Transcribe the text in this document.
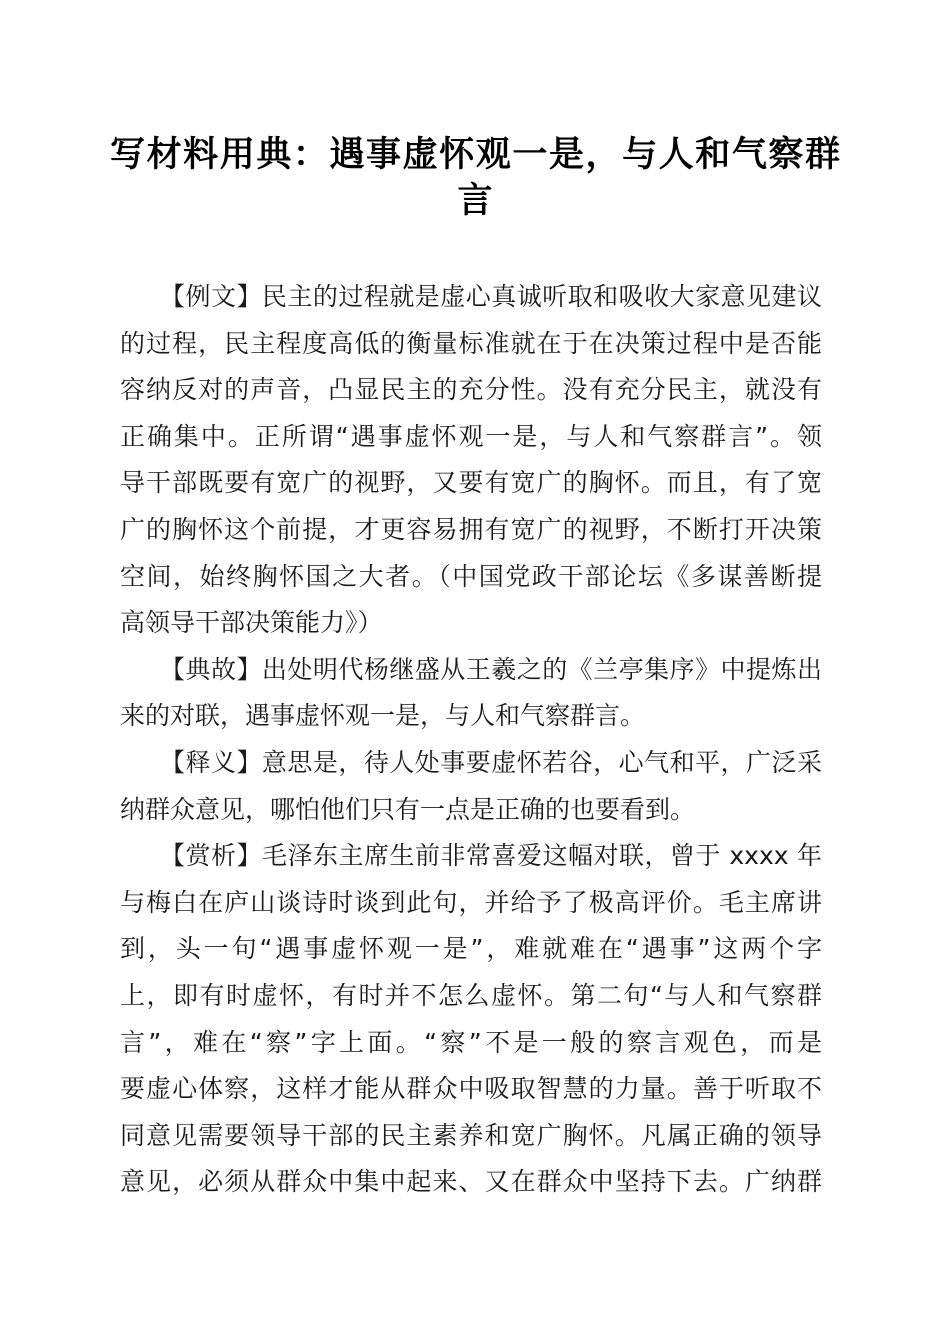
写材料用典：遇事虚怀观一是，与人和气察群
言
【例文】民主的过程就是虚心真诚听取和吸收大家意见建议
的过程，民主程度高低的衡量标准就在于在决策过程中是否能
容纳反对的声音，凸显民主的充分性。没有充分民主，就没有
正确集中。正所谓“遇事虚怀观一是，与人和气察群言”。领
导干部既要有宽广的视野，又要有宽广的胸怀。而且，有了宽
广的胸怀这个前提，才更容易拥有宽广的视野，不断打开决策
空间，始终胸怀国之大者。（中国党政干部论坛《多谋善断提
高领导干部决策能力》）
【典故】出处明代杨继盛从王羲之的《兰亭集序》中提炼出
来的对联，遇事虚怀观一是，与人和气察群言。
【释义】意思是，待人处事要虚怀若谷，心气和平，广泛采
纳群众意见，哪怕他们只有一点是正确的也要看到。
【赏析】毛泽东主席生前非常喜爱这幅对联，曾于 xxxx 年
与梅白在庐山谈诗时谈到此句，并给予了极高评价。毛主席讲
到，头一句“遇事虚怀观一是”，难就难在“遇事”这两个字
上，即有时虚怀，有时并不怎么虚怀。第二句“与人和气察群
言”，难在“察”字上面。“察”不是一般的察言观色，而是
要虚心体察，这样才能从群众中吸取智慧的力量。善于听取不
同意见需要领导干部的民主素养和宽广胸怀。凡属正确的领导
意见，必须从群众中集中起来、又在群众中坚持下去。广纳群
